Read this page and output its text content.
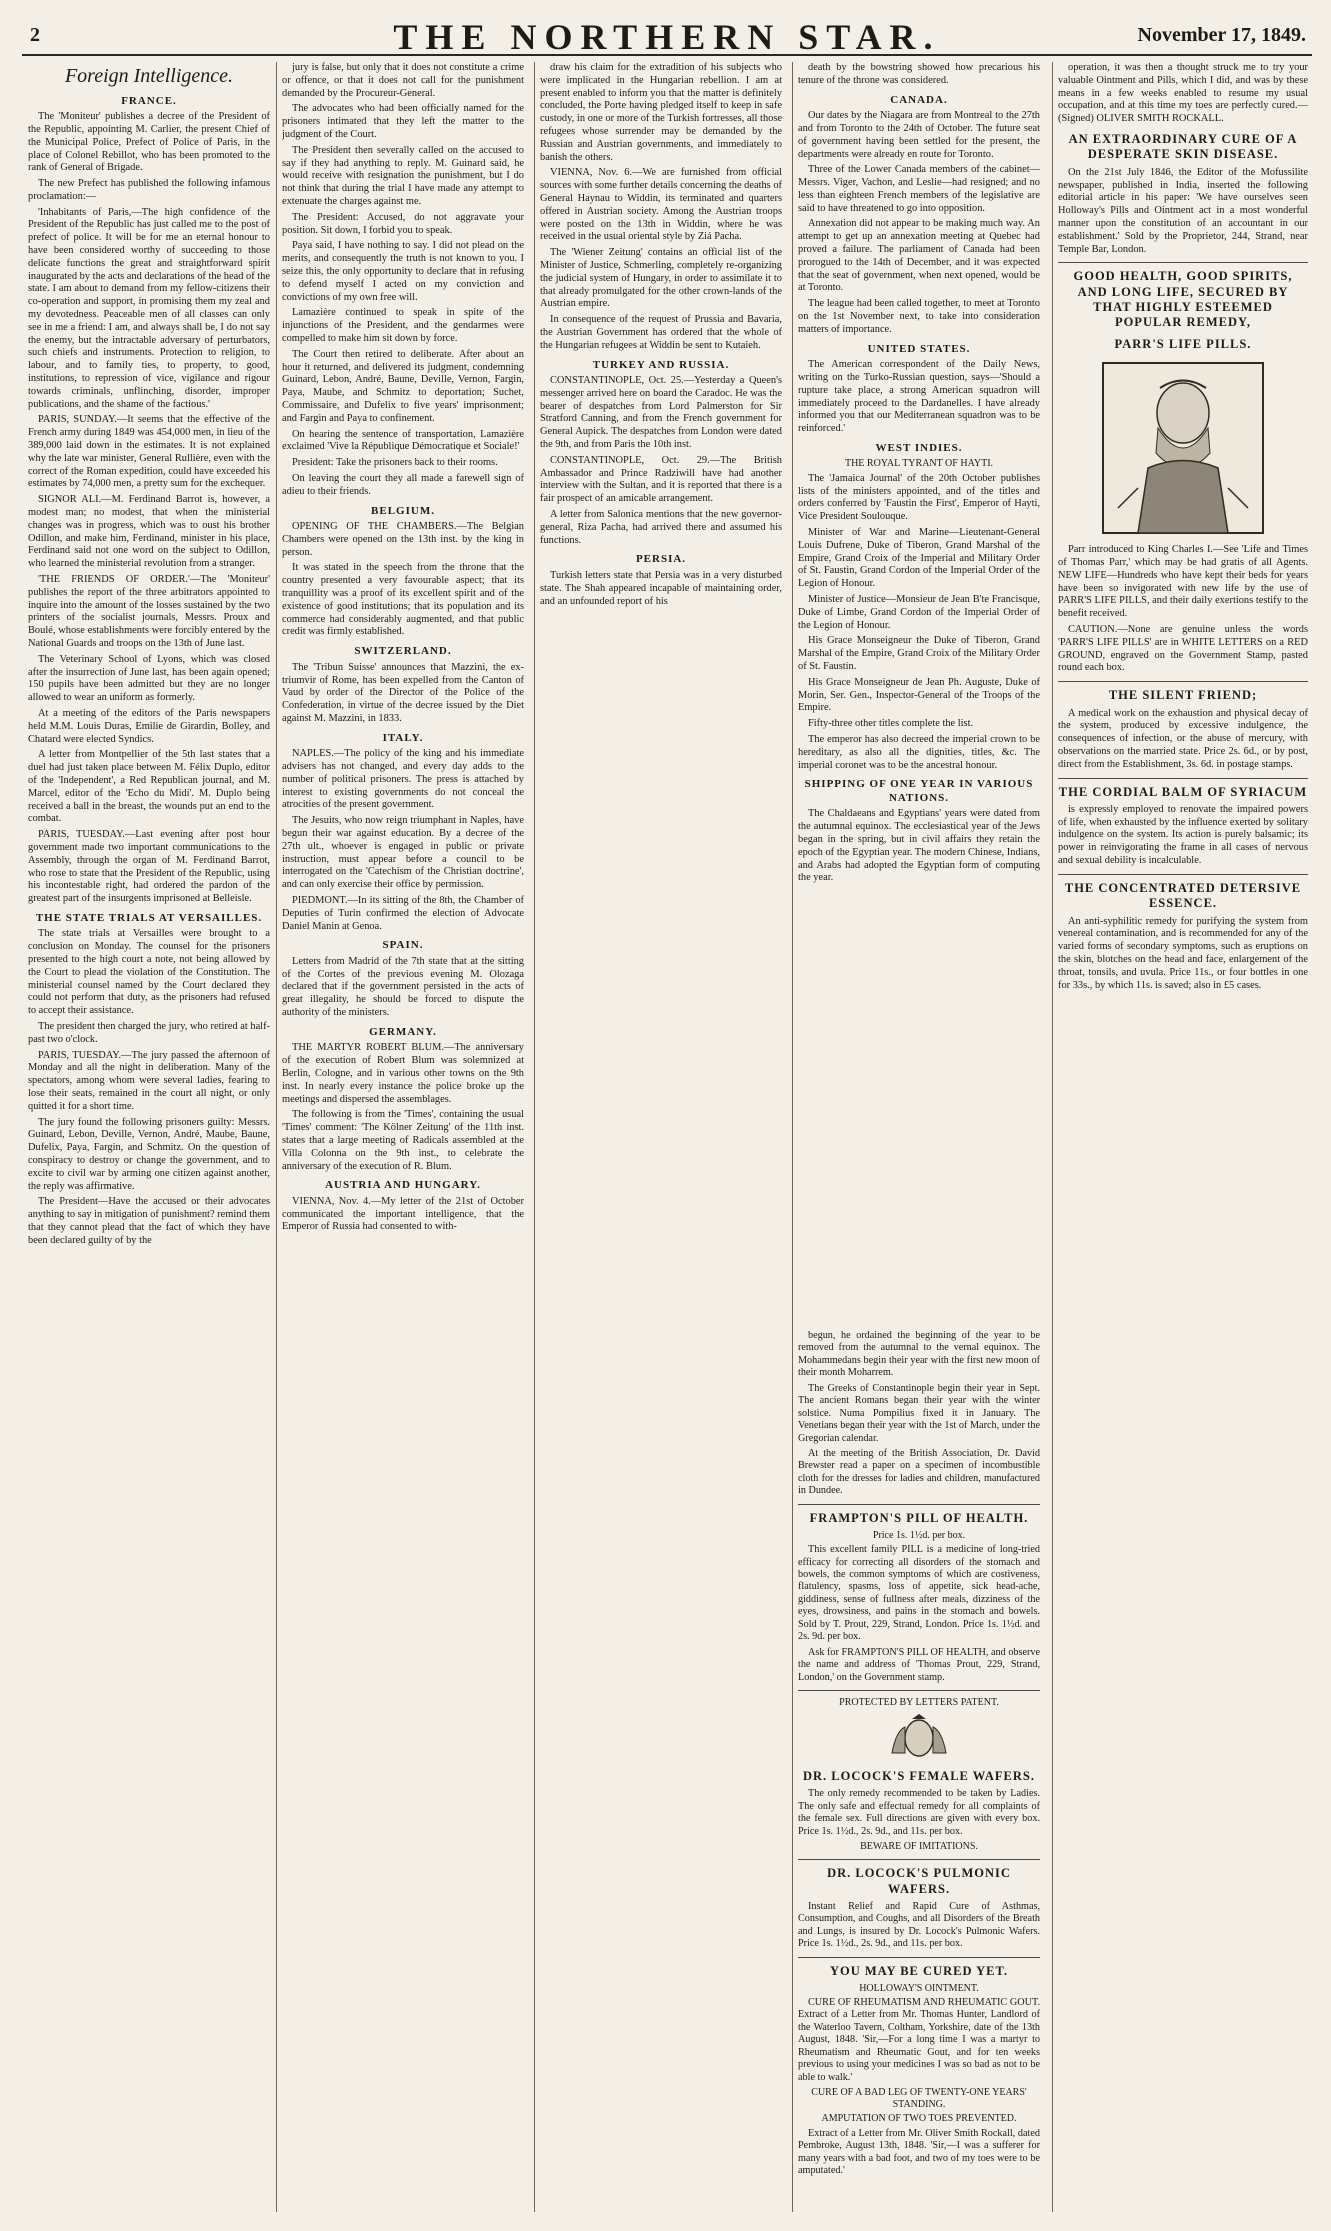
2	THE NORTHERN STAR.	November 17, 1849.
Foreign Intelligence.
FRANCE.

The 'Moniteur' publishes a decree of the President of the Republic, appointing M. Carlier, the present Chief of the Municipal Police, Prefect of Police of Paris, in the place of Colonel Rebillot, who has been promoted to the rank of General of Brigade.

The new Prefect has published the following infamous proclamation:—

'Inhabitants of Paris,—The high confidence of the President of the Republic has just called me to the post of prefect of police. It will be for me an eternal honour to have been considered worthy of succeeding to those delicate functions the great and straightforward spirit inaugurated by the acts and declarations of the head of the state. I am about to demand from my fellow-citizens their co-operation and support, in promising them my zeal and my devotedness. Peaceable men of all classes can only see in me a friend: I am, and always shall be, I do not say the enemy, but the intractable adversary of perturbators, such chiefs and instruments. Protection to religion, to labour, and to family ties, to property, to good, institutions, to repression of vice, vigilance and rigour towards criminals, unflinching, disorder, improper publications, and the shame of the factious.'

PARIS, SUNDAY.—It seems that the effective of the French army during 1849 was 454,000 men, in lieu of the 389,000 laid down in the estimates. It is not explained why the late war minister, General Rullière, even with the correct of the Roman expedition, could have exceeded his estimates by 74,000 men, a pretty sum for the exchequer.

SIGNOR ALI.—M. Ferdinand Barrot is, however, a modest man; no modest, that when the ministerial changes was in progress, which was to oust his brother Odillon, and make him, Ferdinand, minister in his place, Ferdinand said not one word on the subject to Odillon, who learned the ministerial revolution from a stranger.

'THE FRIENDS OF ORDER.'—The 'Moniteur' publishes the report of the three arbitrators appointed to inquire into the amount of the losses sustained by the two printers of the socialist journals, Messrs. Proux and Boulé, whose establishments were forcibly entered by the National Guards and troops on the 13th of June last.

The Veterinary School of Lyons, which was closed after the insurrection of June last, has been again opened; 150 pupils have been admitted but they are no longer allowed to wear an uniform as formerly.

At a meeting of the editors of the Paris newspapers held M.M. Louis Duras, Emilie de Girardin, Bolley, and Chatard were elected Syndics.

A letter from Montpellier of the 5th last states that a duel had just taken place between M. Félix Duplo, editor of the 'Independent', a Red Republican journal, and M. Marcel, editor of the 'Echo du Midi'. M. Duplo being received a ball in the breast, the wounds put an end to the combat.

PARIS, TUESDAY.—Last evening after post hour government made two important communications to the Assembly, through the organ of M. Ferdinand Barrot, who rose to state that the President of the Republic, using his incontestable right, had ordered the pardon of the greatest part of the insurgents imprisoned at Belleisle.

THE STATE TRIALS AT VERSAILLES.

The state trials at Versailles were brought to a conclusion on Monday. The counsel for the prisoners presented to the high court a note, not being allowed by the Court to plead the violation of the Constitution. The ministerial counsel named by the Court declared they could not perform that duty, as the prisoners had refused to accept their assistance.

The president then charged the jury, who retired at half-past two o'clock.

PARIS, TUESDAY.—The jury passed the afternoon of Monday and all the night in deliberation. Many of the spectators, among whom were several ladies, fearing to lose their seats, remained in the court all night, or only quitted it for a short time.

The jury found the following prisoners guilty: Messrs. Guinard, Lebon, Deville, Vernon, André, Maube, Baune, Dufelix, Paya, Fargin, and Schmitz. On the question of conspiracy to destroy or change the government, and to excite to civil war by arming one citizen against another, the reply was affirmative.

The President—Have the accused or their advocates anything to say in mitigation of punishment? remind them that they cannot plead that the fact of which they have been declared guilty of by the

jury is false, but only that it does not constitute a crime or offence, or that it does not call for the punishment demanded by the Procureur-General.

The advocates who had been officially named for the prisoners intimated that they left the matter to the judgment of the Court.

The President then severally called on the accused to say if they had anything to reply. M. Guinard said, he would receive with resignation the punishment, but I do not think that during the trial I have made any attempt to extenuate the charges against me.

The President: Accused, do not aggravate your position. Sit down, I forbid you to speak.

Paya said, I have nothing to say. I did not plead on the merits, and consequently the truth is not known to you. I seize this, the only opportunity to declare that in refusing to defend myself I acted on my conviction and convictions of my own free will.

Lamazière continued to speak in spite of the injunctions of the President, and the gendarmes were compelled to make him sit down by force.

The Court then retired to deliberate. After about an hour it returned, and delivered its judgment, condemning Guinard, Lebon, André, Baune, Deville, Vernon, Fargin, Paya, Maube, and Schmitz to deportation; Suchet, Commissaire, and Dufelix to five years' imprisonment; and Fargin and Paya to confinement.

On hearing the sentence of transportation, Lamazière exclaimed 'Vive la République Démocratique et Sociale!'

President: Take the prisoners back to their rooms.

On leaving the court they all made a farewell sign of adieu to their friends.

BELGIUM.

OPENING OF THE CHAMBERS.—The Belgian Chambers were opened on the 13th inst. by the king in person.

It was stated in the speech from the throne that the country presented a very favourable aspect; that its tranquillity was a proof of its excellent spirit and of the existence of good institutions; that its population and its commerce had considerably augmented, and that public credit was firmly established.

SWITZERLAND.

The 'Tribun Suisse' announces that Mazzini, the ex-triumvir of Rome, has been expelled from the Canton of Vaud by order of the Director of the Police of the Confederation, in virtue of the decree issued by the Diet against M. Mazzini, in 1833.

ITALY.

NAPLES.—The policy of the king and his immediate advisers has not changed, and every day adds to the number of political prisoners. The press is attached by interest to existing governments do not conceal the atrocities of the present government.

The Jesuits, who now reign triumphant in Naples, have begun their war against education. By a decree of the 27th ult., whoever is engaged in public or private instruction, must appear before a council to be interrogated on the 'Catechism of the Christian doctrine', and can only exercise their office by permission.

PIEDMONT.—In its sitting of the 8th, the Chamber of Deputies of Turin confirmed the election of Advocate Daniel Manin at Genoa.

SPAIN.

Letters from Madrid of the 7th state that at the sitting of the Cortes of the previous evening M. Olozaga declared that if the government persisted in the acts of great illegality, he should be forced to dispute the authority of the ministers.

GERMANY.

THE MARTYR ROBERT BLUM.—The anniversary of the execution of Robert Blum was solemnized at Berlin, Cologne, and in various other towns on the 9th inst. In nearly every instance the police broke up the meetings and dispersed the assemblages.

The following is from the 'Times', containing the usual 'Times' comment: 'The Kölner Zeitung' of the 11th inst. states that a large meeting of Radicals assembled at the Villa Colonna on the 9th inst., to celebrate the anniversary of the execution of R. Blum.

AUSTRIA AND HUNGARY.

VIENNA, Nov. 4.—My letter of the 21st of October communicated the important intelligence, that the Emperor of Russia had consented to with-

draw his claim for the extradition of his subjects who were implicated in the Hungarian rebellion. I am at present enabled to inform you that the matter is definitely concluded, the Porte having pledged itself to keep in safe custody, in one or more of the Turkish fortresses, all those refugees whose surrender may be demanded by the Russian and Austrian governments, and immediately to banish the others.

VIENNA, Nov. 6.—We are furnished from official sources with some further details concerning the deaths of General Haynau to Widdin, its terminated and quarters offered in Austrian society. Among the Austrian troops were posted on the 13th in Widdin, where he was received in the usual oriental style by Ziá Pacha.

The 'Wiener Zeitung' contains an official list of the Minister of Justice, Schmerling, completely re-organizing the judicial system of Hungary, in order to assimilate it to that already promulgated for the other crown-lands of the Austrian empire.

In consequence of the request of Prussia and Bavaria, the Austrian Government has ordered that the whole of the Hungarian refugees at Widdin be sent to Kutaieh.

TURKEY AND RUSSIA.

CONSTANTINOPLE, Oct. 25.—Yesterday a Queen's messenger arrived here on board the Caradoc. He was the bearer of despatches from Lord Palmerston for Sir Stratford Canning, and from the French government for General Aupick. The despatches from London were dated the 9th, and from Paris the 10th inst.

CONSTANTINOPLE, Oct. 29.—The British Ambassador and Prince Radziwill have had another interview with the Sultan, and it is reported that there is a fair prospect of an amicable arrangement.

A letter from Salonica mentions that the new governor-general, Riza Pacha, had arrived there and assumed his functions.

PERSIA.

Turkish letters state that Persia was in a very disturbed state. The Shah appeared incapable of maintaining order, and an unfounded report of his

death by the bowstring showed how precarious his tenure of the throne was considered.

CANADA.

Our dates by the Niagara are from Montreal to the 27th and from Toronto to the 24th of October. The future seat of government having been settled for the present, the departments were already en route for Toronto.

Three of the Lower Canada members of the cabinet—Messrs. Viger, Vachon, and Leslie—had resigned; and no less than eighteen French members of the legislative are said to have threatened to go into opposition.

Annexation did not appear to be making much way. An attempt to get up an annexation meeting at Quebec had proved a failure. The parliament of Canada had been prorogued to the 14th of December, and it was expected that the seat of government, when next opened, would be at Toronto.

The league had been called together, to meet at Toronto on the 1st November next, to take into consideration matters of importance.

UNITED STATES.

The American correspondent of the Daily News, writing on the Turko-Russian question, says—'Should a rupture take place, a strong American squadron will immediately proceed to the Dardanelles. I have already informed you that our Mediterranean squadron was to be reinforced.'

WEST INDIES.
THE ROYAL TYRANT OF HAYTI.

The 'Jamaica Journal' of the 20th October publishes lists of the ministers appointed, and of the titles and orders conferred by 'Faustin the First', Emperor of Hayti, Vice President Soulouque.

Minister of War and Marine—Lieutenant-General Louis Dufrene, Duke of Tiberon, Grand Marshal of the Empire, Grand Croix of the Imperial and Military Order of St. Faustin, Grand Cordon of the Imperial Order of the Legion of Honour.

Minister of Justice—Monsieur de Jean B'te Francisque, Duke of Limbe, Grand Cordon of the Imperial Order of the Legion of Honour.

His Grace Monseigneur the Duke of Tiberon, Grand Marshal of the Empire, Grand Croix of the Military Order of St. Faustin.

His Grace Monseigneur de Jean Ph. Auguste, Duke of Morin, Ser. Gen., Inspector-General of the Troops of the Empire.

Fifty-three other titles complete the list.

The emperor has also decreed the imperial crown to be hereditary, as also all the dignities, titles, &c. The imperial coronet was to be the ancestral honour.

SHIPPING OF ONE YEAR IN VARIOUS NATIONS.

The Chaldaeans and Egyptians' years were dated from the autumnal equinox. The ecclesiastical year of the Jews began in the spring, but in civil affairs they retain the epoch of the Egyptian year. The modern Chinese, Indians, and Arabs had adopted the Egyptian form of computing the year.

operation, it was then a thought struck me to try your valuable Ointment and Pills, which I did, and was by these means in a few weeks enabled to resume my usual occupation, and at this time my toes are perfectly cured.—(Signed) OLIVER SMITH ROCKALL.

AN EXTRAORDINARY CURE OF A DESPERATE SKIN DISEASE.

On the 21st July 1846, the Editor of the Mofussilite newspaper, published in India, inserted the following editorial article in his paper: 'We have ourselves seen Holloway's Pills and Ointment act in a most wonderful manner upon the constitution of an accountant in our establishment.' Sold by the Proprietor, 244, Strand, near Temple Bar, London.

GOOD HEALTH, GOOD SPIRITS, AND LONG LIFE, SECURED BY THAT HIGHLY ESTEEMED POPULAR REMEDY,
PARR'S LIFE PILLS.

Parr introduced to King Charles I.—See 'Life and Times of Thomas Parr,' which may be had gratis of all Agents. NEW LIFE—Hundreds who have kept their beds for years have been so invigorated with new life by the use of PARR'S LIFE PILLS, and their daily exertions testify to the benefit received.

CAUTION.—None are genuine unless the words 'PARR'S LIFE PILLS' are in WHITE LETTERS on a RED GROUND, engraved on the Government Stamp, pasted round each box.

THE SILENT FRIEND;

A medical work on the exhaustion and physical decay of the system, produced by excessive indulgence, the consequences of infection, or the abuse of mercury, with observations on the married state. Price 2s. 6d., or by post, direct from the Establishment, 3s. 6d. in postage stamps.

THE CORDIAL BALM OF SYRIACUM

is expressly employed to renovate the impaired powers of life, when exhausted by the influence exerted by solitary indulgence on the system. Its action is purely balsamic; its power in reinvigorating the frame in all cases of nervous and sexual debility is incalculable.

THE CONCENTRATED DETERSIVE ESSENCE.

An anti-syphilitic remedy for purifying the system from venereal contamination, and is recommended for any of the varied forms of secondary symptoms, such as eruptions on the skin, blotches on the head and face, enlargement of the throat, tonsils, and uvula. Price 11s., or four bottles in one for 33s., by which 11s. is saved; also in £5 cases.

begun, he ordained the beginning of the year to be removed from the autumnal to the vernal equinox. The Mohammedans begin their year with the first new moon of their month Moharrem.

The Greeks of Constantinople begin their year in Sept. The ancient Romans began their year with the winter solstice. Numa Pompilius fixed it in January. The Venetians began their year with the 1st of March, under the Gregorian calendar.

At the meeting of the British Association, Dr. David Brewster read a paper on a specimen of incombustible cloth for the dresses for ladies and children, manufactured in Dundee.

FRAMPTON'S PILL OF HEALTH.
Price 1s. 1½d. per box.

This excellent family PILL is a medicine of long-tried efficacy for correcting all disorders of the stomach and bowels, the common symptoms of which are costiveness, flatulency, spasms, loss of appetite, sick head-ache, giddiness, sense of fullness after meals, dizziness of the eyes, drowsiness, and pains in the stomach and bowels. Sold by T. Prout, 229, Strand, London. Price 1s. 1½d. and 2s. 9d. per box.

Ask for FRAMPTON'S PILL OF HEALTH, and observe the name and address of 'Thomas Prout, 229, Strand, London,' on the Government stamp.

PROTECTED BY LETTERS PATENT.
DR. LOCOCK'S FEMALE WAFERS.

The only remedy recommended to be taken by Ladies. The only safe and effectual remedy for all complaints of the female sex. Full directions are given with every box. Price 1s. 1½d., 2s. 9d., and 11s. per box.

BEWARE OF IMITATIONS.
DR. LOCOCK'S PULMONIC WAFERS.

Instant Relief and Rapid Cure of Asthmas, Consumption, and Coughs, and all Disorders of the Breath and Lungs, is insured by Dr. Locock's Pulmonic Wafers. Price 1s. 1½d., 2s. 9d., and 11s. per box.

YOU MAY BE CURED YET.
HOLLOWAY'S OINTMENT.

CURE OF RHEUMATISM AND RHEUMATIC GOUT. Extract of a Letter from Mr. Thomas Hunter, Landlord of the Waterloo Tavern, Coltham, Yorkshire, date of the 13th August, 1848. 'Sir,—For a long time I was a martyr to Rheumatism and Rheumatic Gout, and for ten weeks previous to using your medicines I was so bad as not to be able to walk.'

CURE OF A BAD LEG OF TWENTY-ONE YEARS' STANDING.
AMPUTATION OF TWO TOES PREVENTED.

Extract of a Letter from Mr. Oliver Smith Rockall, dated Pembroke, August 13th, 1848. 'Sir,—I was a sufferer for many years with a bad foot, and two of my toes were to be amputated.'
